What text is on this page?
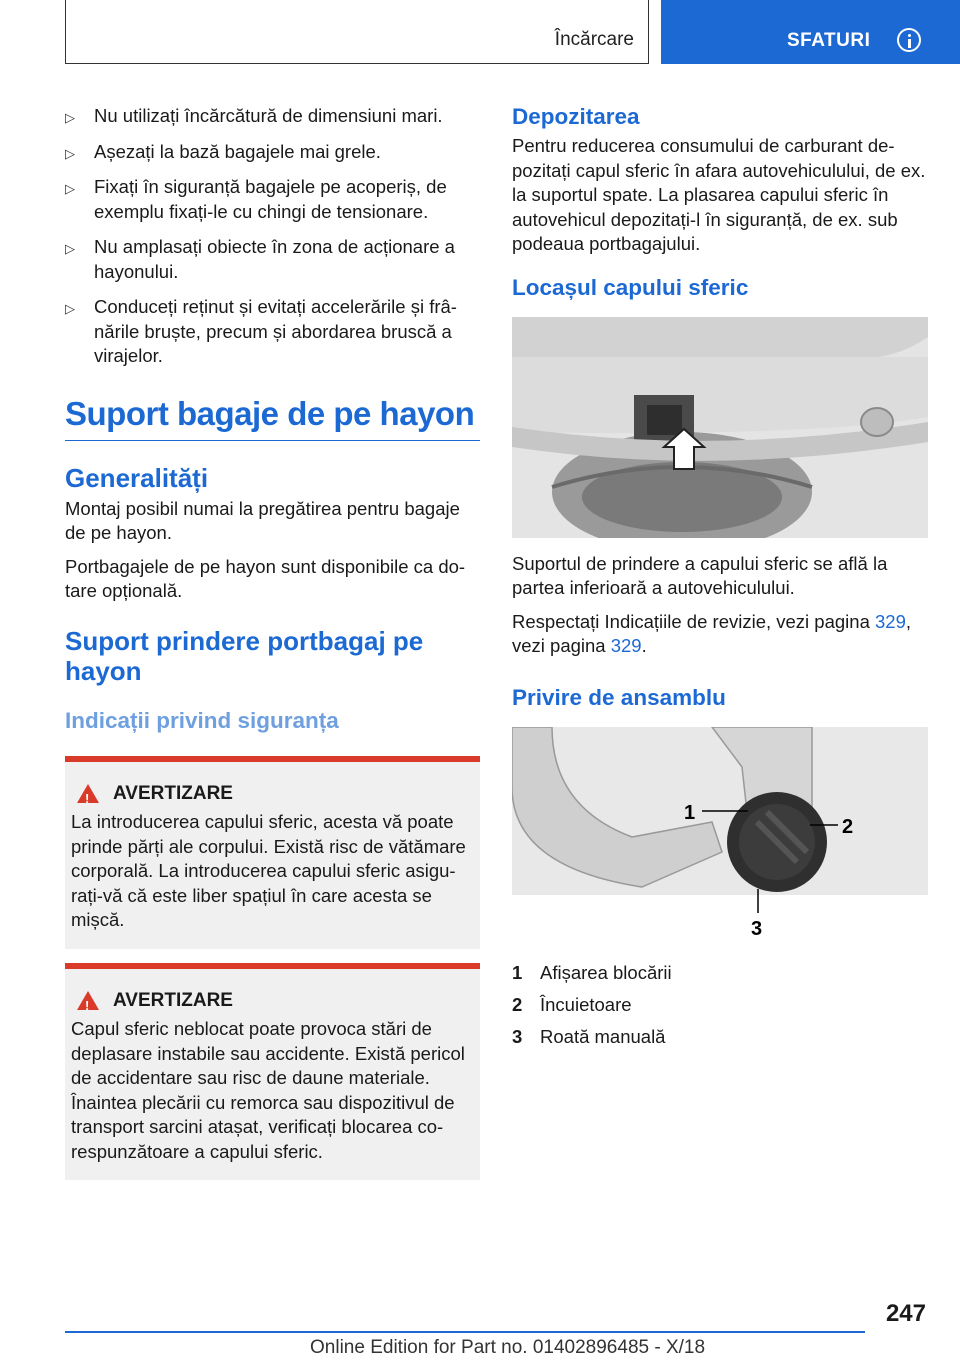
Încărcare	SFATURI
▷ Nu utilizați încărcătură de dimensiuni mari.
▷ Așezați la bază bagajele mai grele.
▷ Fixați în siguranță bagajele pe acoperiș, de exemplu fixați-le cu chingi de tensionare.
▷ Nu amplasați obiecte în zona de acționare a hayonului.
▷ Conduceți reținut și evitați accelerările și frâ-nările bruște, precum și abordarea bruscă a virajelor.
Suport bagaje de pe hayon
Generalități

Montaj posibil numai la pregătirea pentru bagaje de pe hayon.

Portbagajele de pe hayon sunt disponibile ca do-tare opțională.

Suport prindere portbagaj pe hayon
Indicații privind siguranța
!
AVERTIZARE
La introducerea capului sferic, acesta vă poate prinde părți ale corpului. Există risc de vătămare corporală. La introducerea capului sferic asigu-rați-vă că este liber spațiul în care acesta se mișcă.
!
AVERTIZARE
Capul sferic neblocat poate provoca stări de deplasare instabile sau accidente. Există pericol de accidentare sau risc de daune materiale. Înaintea plecării cu remorca sau dispozitivul de transport sarcini atașat, verificați blocarea co-respunzătoare a capului sferic.
Depozitarea

Pentru reducerea consumului de carburant de-pozitați capul sferic în afara autovehiculului, de ex. la suportul spate. La plasarea capului sferic în autovehicul depozitați-l în siguranță, de ex. sub podeaua portbagajului.

Locașul capului sferic

Suportul de prindere a capului sferic se află la partea inferioară a autovehiculului.

Respectați Indicațiile de revizie, vezi pagina 329, vezi pagina 329.

Privire de ansamblu
1
2
3
1 Afișarea blocării
2 Încuietoare
3 Roată manuală
247
Online Edition for Part no. 01402896485 - X/18
